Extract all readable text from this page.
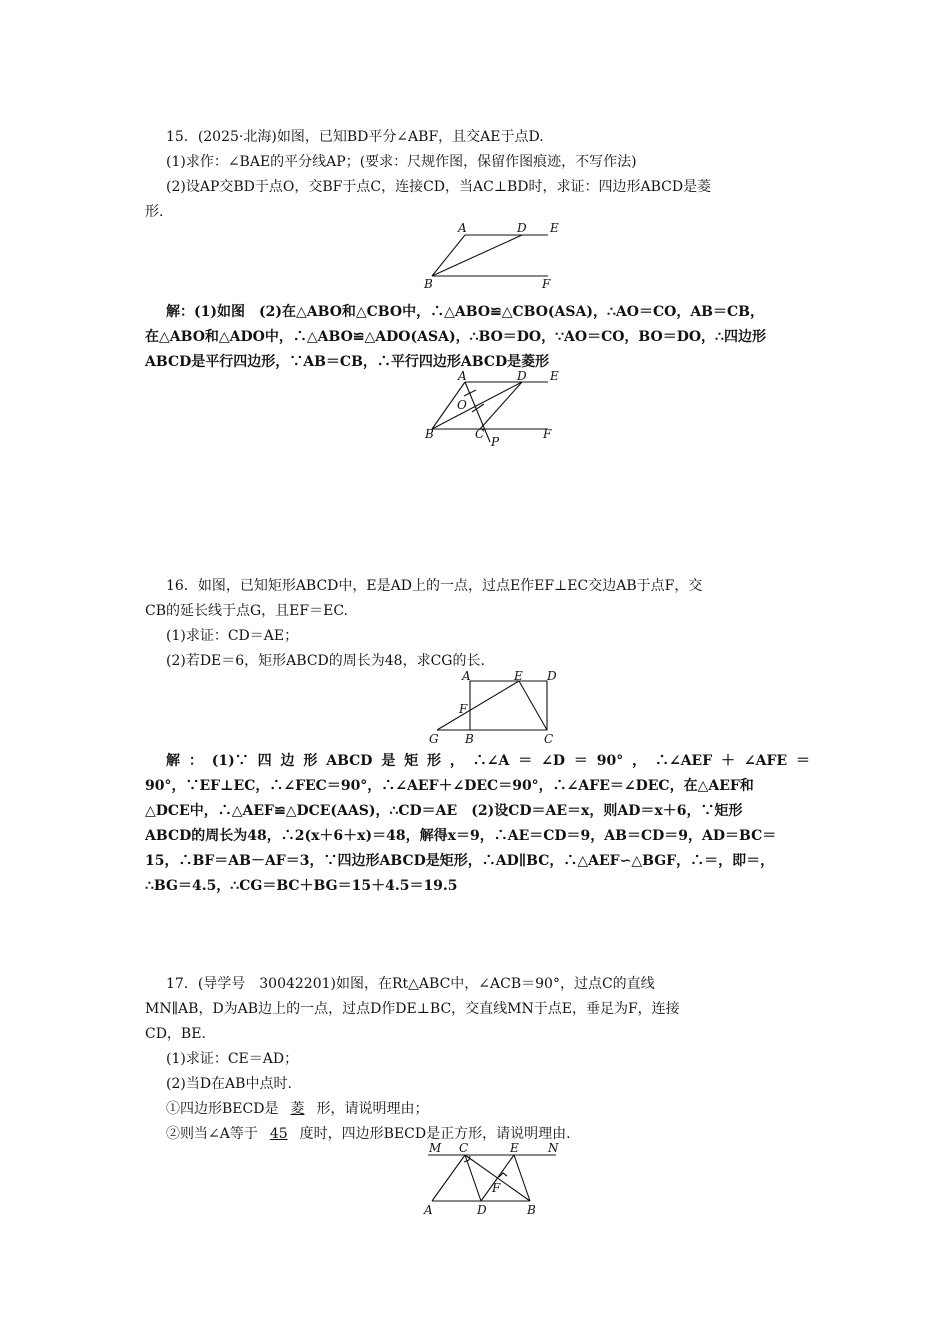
15．(2025·北海)如图，已知BD平分∠ABF，且交AE于点D.
(1)求作：∠BAE的平分线AP；(要求：尺规作图，保留作图痕迹，不写作法)
(2)设AP交BD于点O，交BF于点C，连接CD，当AC⊥BD时，求证：四边形ABCD是菱
形.
A	D E
B	F
解：(1)如图　(2)在△ABO和△CBO中，∴△ABO≌△CBO(ASA)，∴AO＝CO，AB＝CB，
在△ABO和△ADO中，∴△ABO≌△ADO(ASA)，∴BO＝DO，∵AO＝CO，BO＝DO，∴四边形
ABCD是平行四边形，∵AB＝CB，∴平行四边形ABCD是菱形
A	D E
O
B	C
P
F
16．如图，已知矩形ABCD中，E是AD上的一点，过点E作EF⊥EC交边AB于点F，交
CB的延长线于点G，且EF＝EC.
(1)求证：CD＝AE；
(2)若DE＝6，矩形ABCD的周长为48，求CG的长.
A	E D
F
G B	C
解：(1)∵四边形ABCD是矩形，∴∠A＝∠D＝90°，∴∠AEF＋∠AFE＝
90°，∵EF⊥EC，∴∠FEC＝90°，∴∠AEF＋∠DEC＝90°，∴∠AFE＝∠DEC，在△AEF和
△DCE中，∴△AEF≌△DCE(AAS)，∴CD＝AE　(2)设CD＝AE＝x，则AD＝x＋6，∵矩形
ABCD的周长为48，∴2(x＋6＋x)＝48，解得x＝9，∴AE＝CD＝9，AB＝CD＝9，AD＝BC＝
15，∴BF＝AB－AF＝3，∵四边形ABCD是矩形，∴AD∥BC，∴△AEF∽△BGF，∴＝，即＝，
∴BG＝4.5，∴CG＝BC＋BG＝15＋4.5＝19.5
17．(导学号　30042201)如图，在Rt△ABC中，∠ACB＝90°，过点C的直线
MN∥AB，D为AB边上的一点，过点D作DE⊥BC，交直线MN于点E，垂足为F，连接
CD，BE.
(1)求证：CE＝AD；
(2)当D在AB中点时.
①四边形BECD是 菱 形，请说明理由；
②则当∠A等于 45 度时，四边形BECD是正方形，请说明理由.
M C	E N
F
A	D	B
